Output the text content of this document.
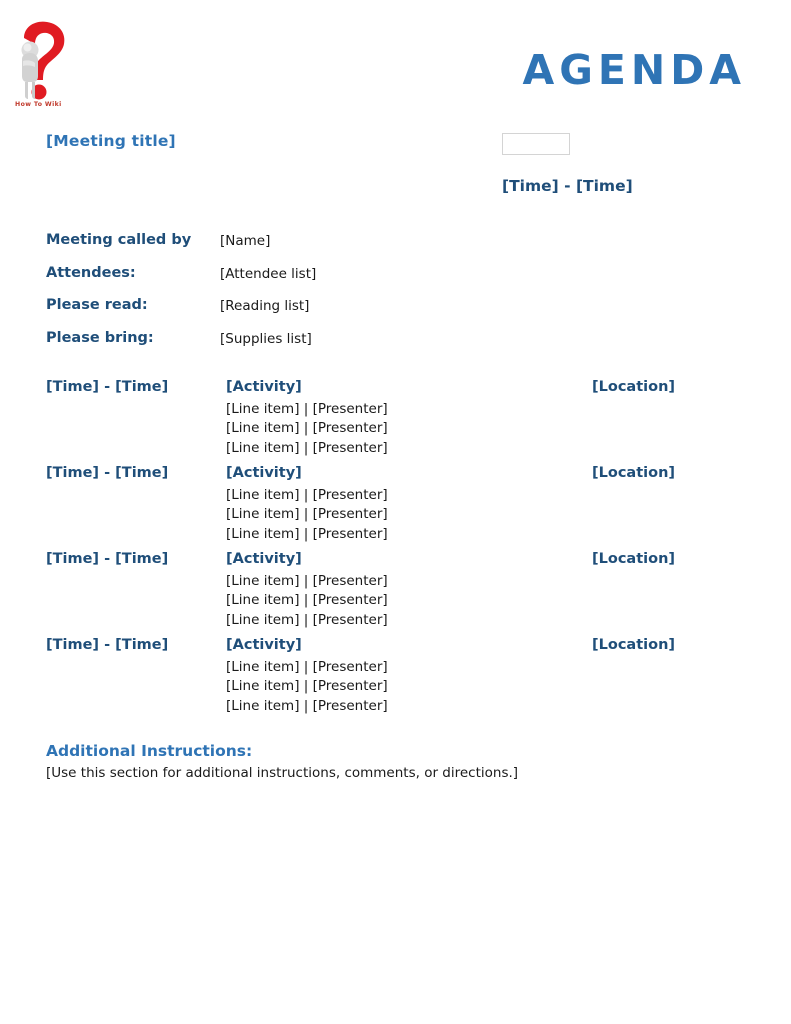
How To Wiki
AGENDA
[Meeting title]
[Time] - [Time]
Meeting called by [Name]
Attendees:	[Attendee list]
Please read:	[Reading list]
Please bring:	[Supplies list]
[Time] - [Time]	[Activity]	[Location]
[Line item] | [Presenter]
[Line item] | [Presenter]
[Line item] | [Presenter]
[Time] - [Time]	[Activity]	[Location]
[Line item] | [Presenter]
[Line item] | [Presenter]
[Line item] | [Presenter]
[Time] - [Time]	[Activity]	[Location]
[Line item] | [Presenter]
[Line item] | [Presenter]
[Line item] | [Presenter]
[Time] - [Time]	[Activity]	[Location]
[Line item] | [Presenter]
[Line item] | [Presenter]
[Line item] | [Presenter]
Additional Instructions:
[Use this section for additional instructions, comments, or directions.]
